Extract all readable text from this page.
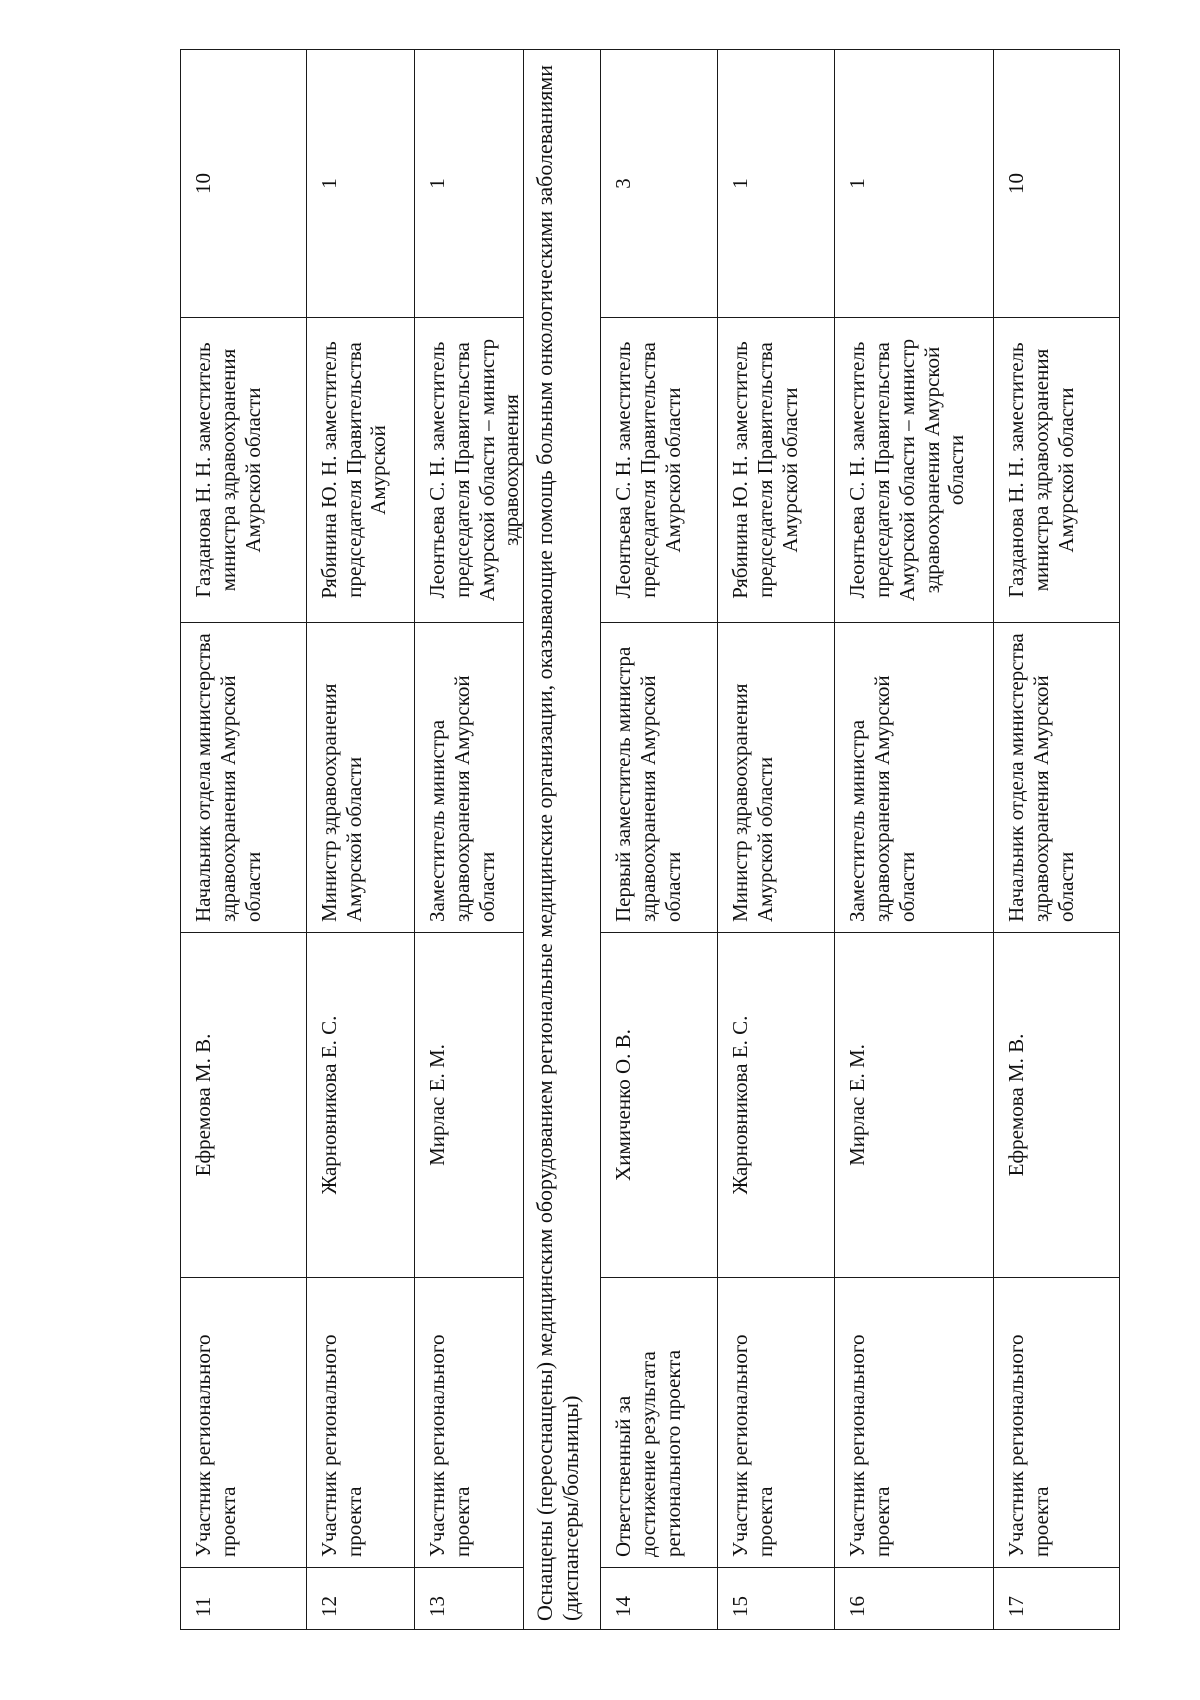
11	Участник регионального проекта	Ефремова М. В.	Начальник отдела министерства здравоохранения Амурской области	Газданова Н. Н. заместитель министра здравоохранения Амурской области	10
12	Участник регионального проекта	Жарновникова Е. С.	Министр здравоохранения Амурской области	Рябинина Ю. Н. заместитель председателя Правительства Амурской	1
13	Участник регионального проекта	Мирлас Е. М.	Заместитель министра здравоохранения Амурской области	Леонтьева С. Н. заместитель председателя Правительства Амурской области – министр здравоохранения	1
Оснащены (переоснащены) медицинским оборудованием региональные медицинские организации, оказывающие помощь больным онкологическими заболеваниями (диспансеры/больницы)					
14	Ответственный за достижение результата регионального проекта	Химиченко О. В.	Первый заместитель министра здравоохранения Амурской области	Леонтьева С. Н. заместитель председателя Правительства Амурской области	3
15	Участник регионального проекта	Жарновникова Е. С.	Министр здравоохранения Амурской области	Рябинина Ю. Н. заместитель председателя Правительства Амурской области	1
16	Участник регионального проекта	Мирлас Е. М.	Заместитель министра здравоохранения Амурской области	Леонтьева С. Н. заместитель председателя Правительства Амурской области – министр здравоохранения Амурской области	1
17	Участник регионального проекта	Ефремова М. В.	Начальник отдела министерства здравоохранения Амурской области	Газданова Н. Н. заместитель министра здравоохранения Амурской области	10
